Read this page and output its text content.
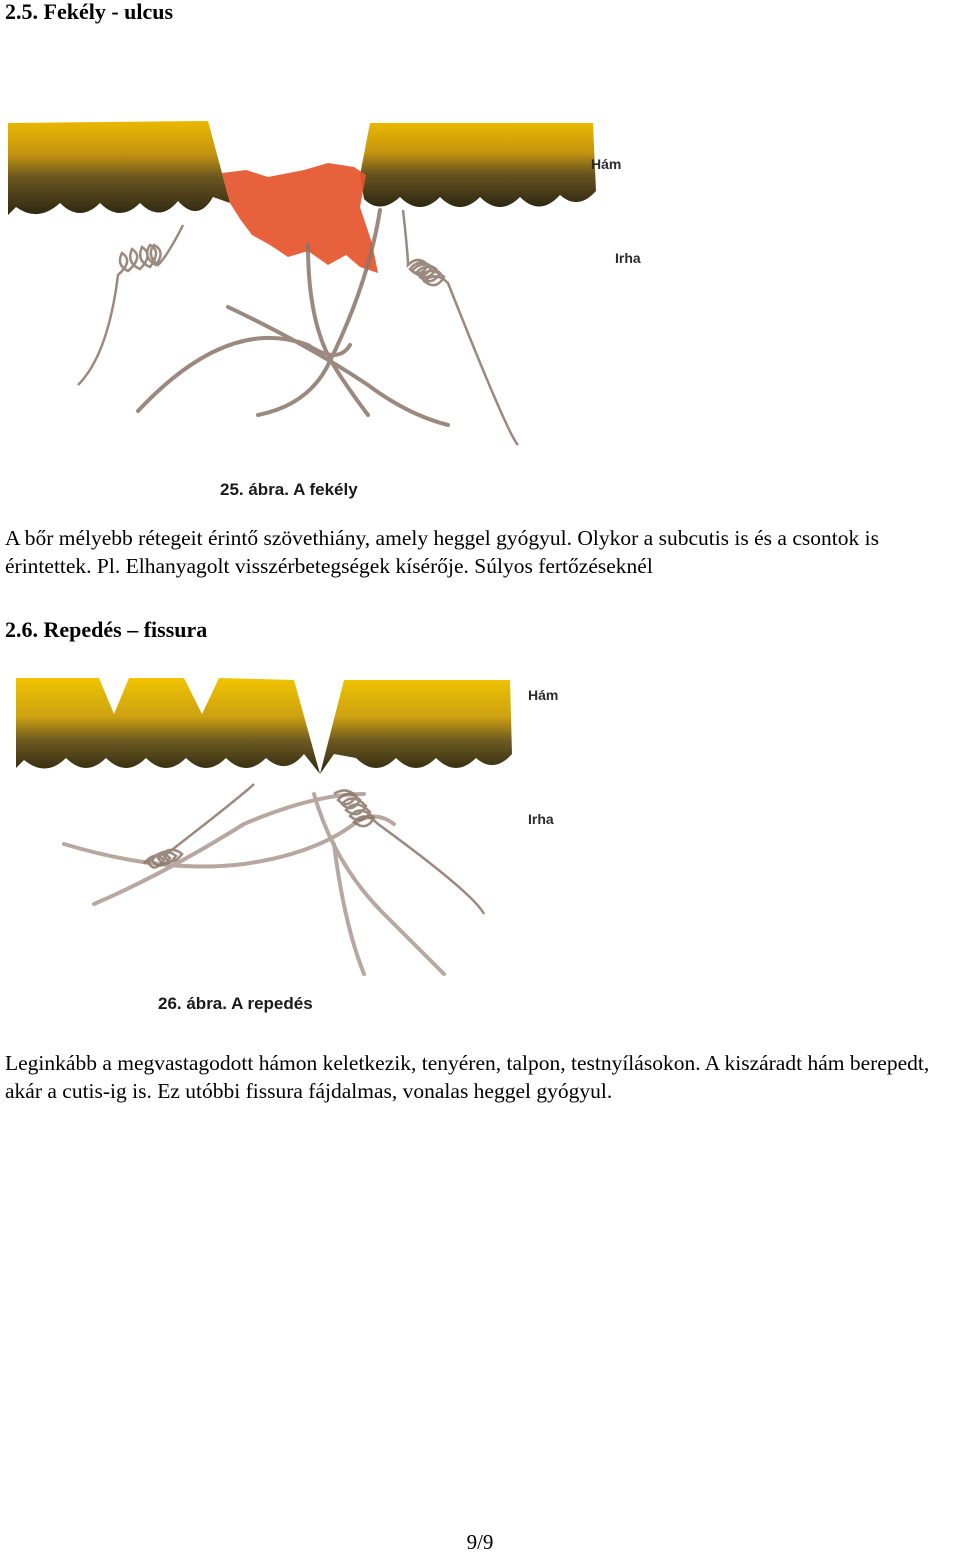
2.5. Fekély - ulcus
Hám
Irha
25. ábra. A fekély

A bőr mélyebb rétegeit érintő szövethiány, amely heggel gyógyul. Olykor a subcutis is és a csontok is érintettek. Pl. Elhanyagolt visszérbetegségek kísérője. Súlyos fertőzéseknél

2.6. Repedés – fissura
Hám
Irha
26. ábra. A repedés

Leginkább a megvastagodott hámon keletkezik, tenyéren, talpon, testnyílásokon. A kiszáradt hám berepedt, akár a cutis-ig is. Ez utóbbi fissura fájdalmas, vonalas heggel gyógyul.

9/9
